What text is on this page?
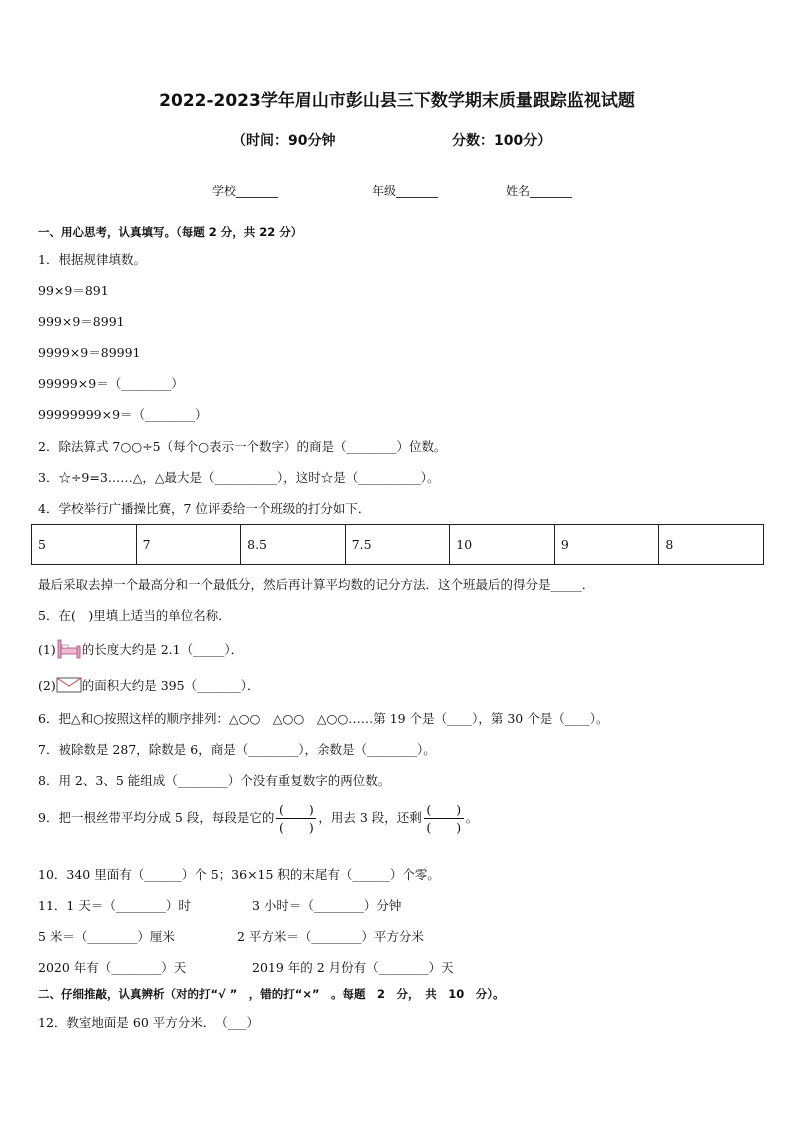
2022-2023学年眉山市彭山县三下数学期末质量跟踪监视试题
（时间：90分钟	分数：100分）
学校_______	年级_______	姓名_______
一、用心思考，认真填写。（每题 2 分，共 22 分）
1．根据规律填数。
99×9＝891
999×9＝8991
9999×9＝89991
99999×9＝（________）
99999999×9＝（________）
2．除法算式 7○○÷5（每个○表示一个数字）的商是（________）位数。
3．☆÷9=3……△，△最大是（__________），这时☆是（__________）。
4．学校举行广播操比赛，7 位评委给一个班级的打分如下．
5	7	8.5	7.5	10	9	8
最后采取去掉一个最高分和一个最低分，然后再计算平均数的记分方法．这个班最后的得分是_____．
5．在(　)里填上适当的单位名称．
(1) 的长度大约是 2.1（_____）．
(2) 的面积大约是 395（_______）．
6．把△和○按照这样的顺序排列：△○○　△○○　△○○……第 19 个是（____），第 30 个是（____）。
7．被除数是 287，除数是 6，商是（________），余数是（________）。
8．用 2、3、5 能组成（________）个没有重复数字的两位数。
9．把一根丝带平均分成 5 段，每段是它的 $\frac{( )}{( )}$ ，用去 3 段，还剩 $\frac{( )}{( )}$ 。
10．340 里面有（______）个 5；36×15 积的末尾有（______）个零。
11．1 天＝（________）时	3 小时＝（________）分钟
5 米＝（________）厘米	2 平方米＝（________）平方分米
2020 年有（________）天	2019 年的 2 月份有（________）天
二、仔细推敲，认真辨析（对的打“√ ”　，错的打“×”　。每题　2　分，　共　10　分）。
12．教室地面是 60 平方分米．　（___）
